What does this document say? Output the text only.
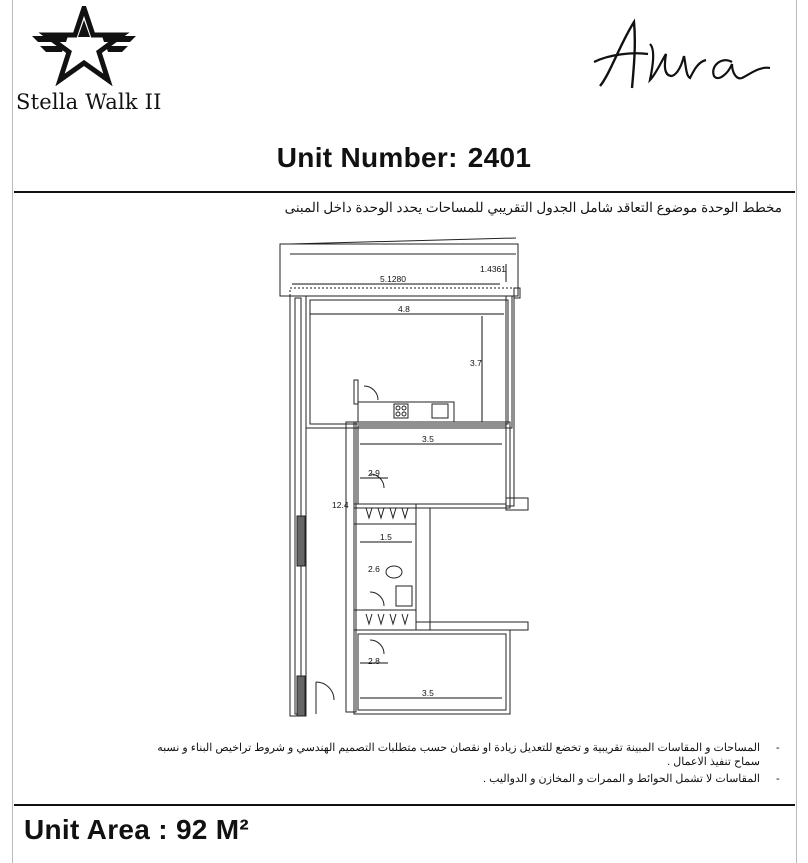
Stella Walk II
Unit Number: 2401
مخطط الوحدة موضوع التعاقد شامل الجدول التقريبي للمساحات يحدد الوحدة داخل المبنى
1.4361
5.1280
4.8
3.7
3.5
2.9
12.4
1.5
2.6
2.8
3.5
-
المساحات و المقاسات المبينة تقريبية و تخضع للتعديل زيادة او نقصان حسب متطلبات التصميم الهندسي و شروط تراخيص البناء و نسبه
سماح تنفيذ الاعمال .
-
المقاسات لا تشمل الحوائط و الممرات و المخازن و الدواليب .
Unit Area : 92 M²
